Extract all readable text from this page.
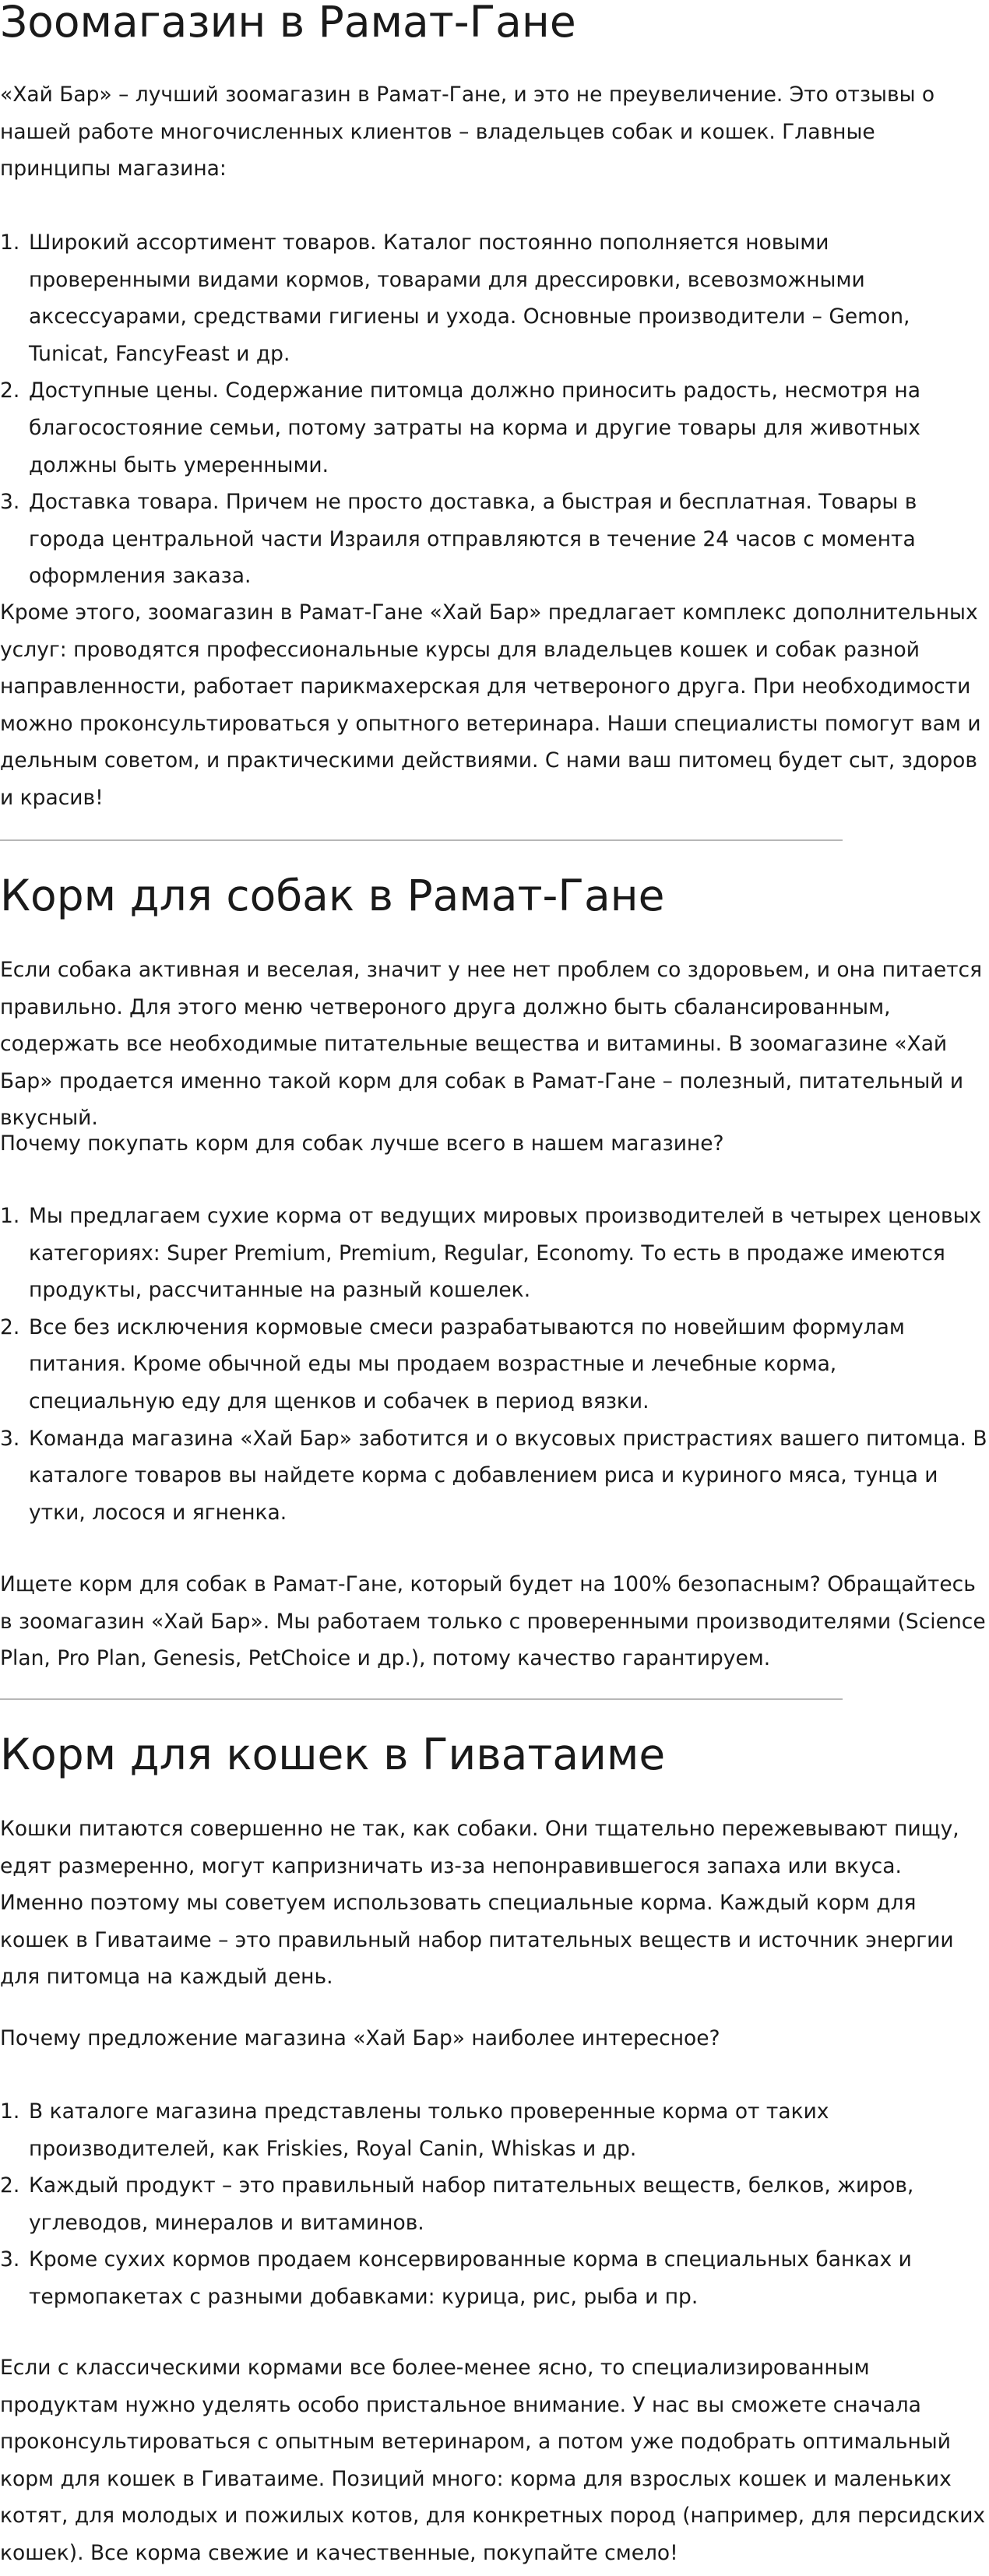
Зоомагазин в Рамат-Гане

«Хай Бар» – лучший зоомагазин в Рамат-Гане, и это не преувеличение. Это отзывы о нашей работе многочисленных клиентов – владельцев собак и кошек. Главные принципы магазина:

1. Широкий ассортимент товаров. Каталог постоянно пополняется новыми проверенными видами кормов, товарами для дрессировки, всевозможными аксессуарами, средствами гигиены и ухода. Основные производители – Gemon, Tunicat, FancyFeast и др.
2. Доступные цены. Содержание питомца должно приносить радость, несмотря на благосостояние семьи, потому затраты на корма и другие товары для животных должны быть умеренными.
3. Доставка товара. Причем не просто доставка, а быстрая и бесплатная. Товары в города центральной части Израиля отправляются в течение 24 часов с момента оформления заказа.

Кроме этого, зоомагазин в Рамат-Гане «Хай Бар» предлагает комплекс дополнительных услуг: проводятся профессиональные курсы для владельцев кошек и собак разной направленности, работает парикмахерская для четвероного друга. При необходимости можно проконсультироваться у опытного ветеринара. Наши специалисты помогут вам и дельным советом, и практическими действиями. С нами ваш питомец будет сыт, здоров и красив!

Корм для собак в Рамат-Гане

Если собака активная и веселая, значит у нее нет проблем со здоровьем, и она питается правильно. Для этого меню четвероного друга должно быть сбалансированным, содержать все необходимые питательные вещества и витамины. В зоомагазине «Хай Бар» продается именно такой корм для собак в Рамат-Гане – полезный, питательный и вкусный.

Почему покупать корм для собак лучше всего в нашем магазине?

1. Мы предлагаем сухие корма от ведущих мировых производителей в четырех ценовых категориях: Super Premium, Premium, Regular, Economy. То есть в продаже имеются продукты, рассчитанные на разный кошелек.
2. Все без исключения кормовые смеси разрабатываются по новейшим формулам питания. Кроме обычной еды мы продаем возрастные и лечебные корма, специальную еду для щенков и собачек в период вязки.
3. Команда магазина «Хай Бар» заботится и о вкусовых пристрастиях вашего питомца. В каталоге товаров вы найдете корма с добавлением риса и куриного мяса, тунца и утки, лосося и ягненка.

Ищете корм для собак в Рамат-Гане, который будет на 100% безопасным? Обращайтесь в зоомагазин «Хай Бар». Мы работаем только с проверенными производителями (Science Plan, Pro Plan, Genesis, PetChoice и др.), потому качество гарантируем.

Корм для кошек в Гиватаиме

Кошки питаются совершенно не так, как собаки. Они тщательно пережевывают пищу, едят размеренно, могут капризничать из-за непонравившегося запаха или вкуса. Именно поэтому мы советуем использовать специальные корма. Каждый корм для кошек в Гиватаиме – это правильный набор питательных веществ и источник энергии для питомца на каждый день.

Почему предложение магазина «Хай Бар» наиболее интересное?

1. В каталоге магазина представлены только проверенные корма от таких производителей, как Friskies, Royal Canin, Whiskas и др.
2. Каждый продукт – это правильный набор питательных веществ, белков, жиров, углеводов, минералов и витаминов.
3. Кроме сухих кормов продаем консервированные корма в специальных банках и термопакетах с разными добавками: курица, рис, рыба и пр.

Если с классическими кормами все более-менее ясно, то специализированным продуктам нужно уделять особо пристальное внимание. У нас вы сможете сначала проконсультироваться с опытным ветеринаром, а потом уже подобрать оптимальный корм для кошек в Гиватаиме. Позиций много: корма для взрослых кошек и маленьких котят, для молодых и пожилых котов, для конкретных пород (например, для персидских кошек). Все корма свежие и качественные, покупайте смело!
